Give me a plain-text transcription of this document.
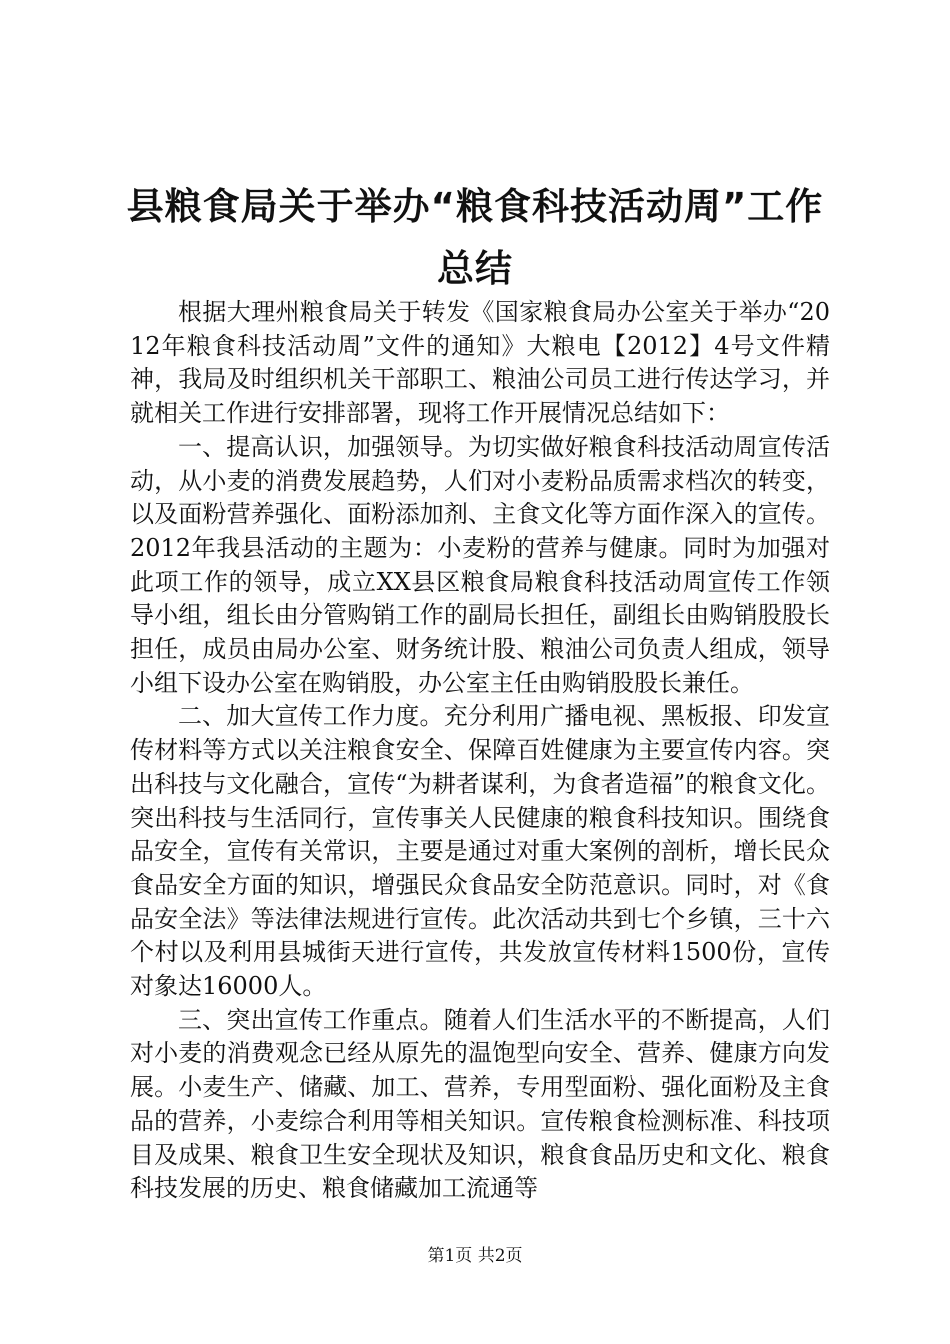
县粮食局关于举办“粮食科技活动周”工作总结

根据大理州粮食局关于转发《国家粮食局办公室关于举办“2012年粮食科技活动周”文件的通知》大粮电【2012】4号文件精神，我局及时组织机关干部职工、粮油公司员工进行传达学习，并就相关工作进行安排部署，现将工作开展情况总结如下：

一、提高认识，加强领导。为切实做好粮食科技活动周宣传活动，从小麦的消费发展趋势，人们对小麦粉品质需求档次的转变，以及面粉营养强化、面粉添加剂、主食文化等方面作深入的宣传。2012年我县活动的主题为：小麦粉的营养与健康。同时为加强对此项工作的领导，成立XX县区粮食局粮食科技活动周宣传工作领导小组，组长由分管购销工作的副局长担任，副组长由购销股股长担任，成员由局办公室、财务统计股、粮油公司负责人组成，领导小组下设办公室在购销股，办公室主任由购销股股长兼任。

二、加大宣传工作力度。充分利用广播电视、黑板报、印发宣传材料等方式以关注粮食安全、保障百姓健康为主要宣传内容。突出科技与文化融合，宣传“为耕者谋利，为食者造福”的粮食文化。突出科技与生活同行，宣传事关人民健康的粮食科技知识。围绕食品安全，宣传有关常识，主要是通过对重大案例的剖析，增长民众食品安全方面的知识，增强民众食品安全防范意识。同时，对《食品安全法》等法律法规进行宣传。此次活动共到七个乡镇，三十六个村以及利用县城街天进行宣传，共发放宣传材料1500份，宣传对象达16000人。

三、突出宣传工作重点。随着人们生活水平的不断提高，人们对小麦的消费观念已经从原先的温饱型向安全、营养、健康方向发展。小麦生产、储藏、加工、营养，专用型面粉、强化面粉及主食品的营养，小麦综合利用等相关知识。宣传粮食检测标准、科技项目及成果、粮食卫生安全现状及知识，粮食食品历史和文化、粮食科技发展的历史、粮食储藏加工流通等

第1页 共2页
